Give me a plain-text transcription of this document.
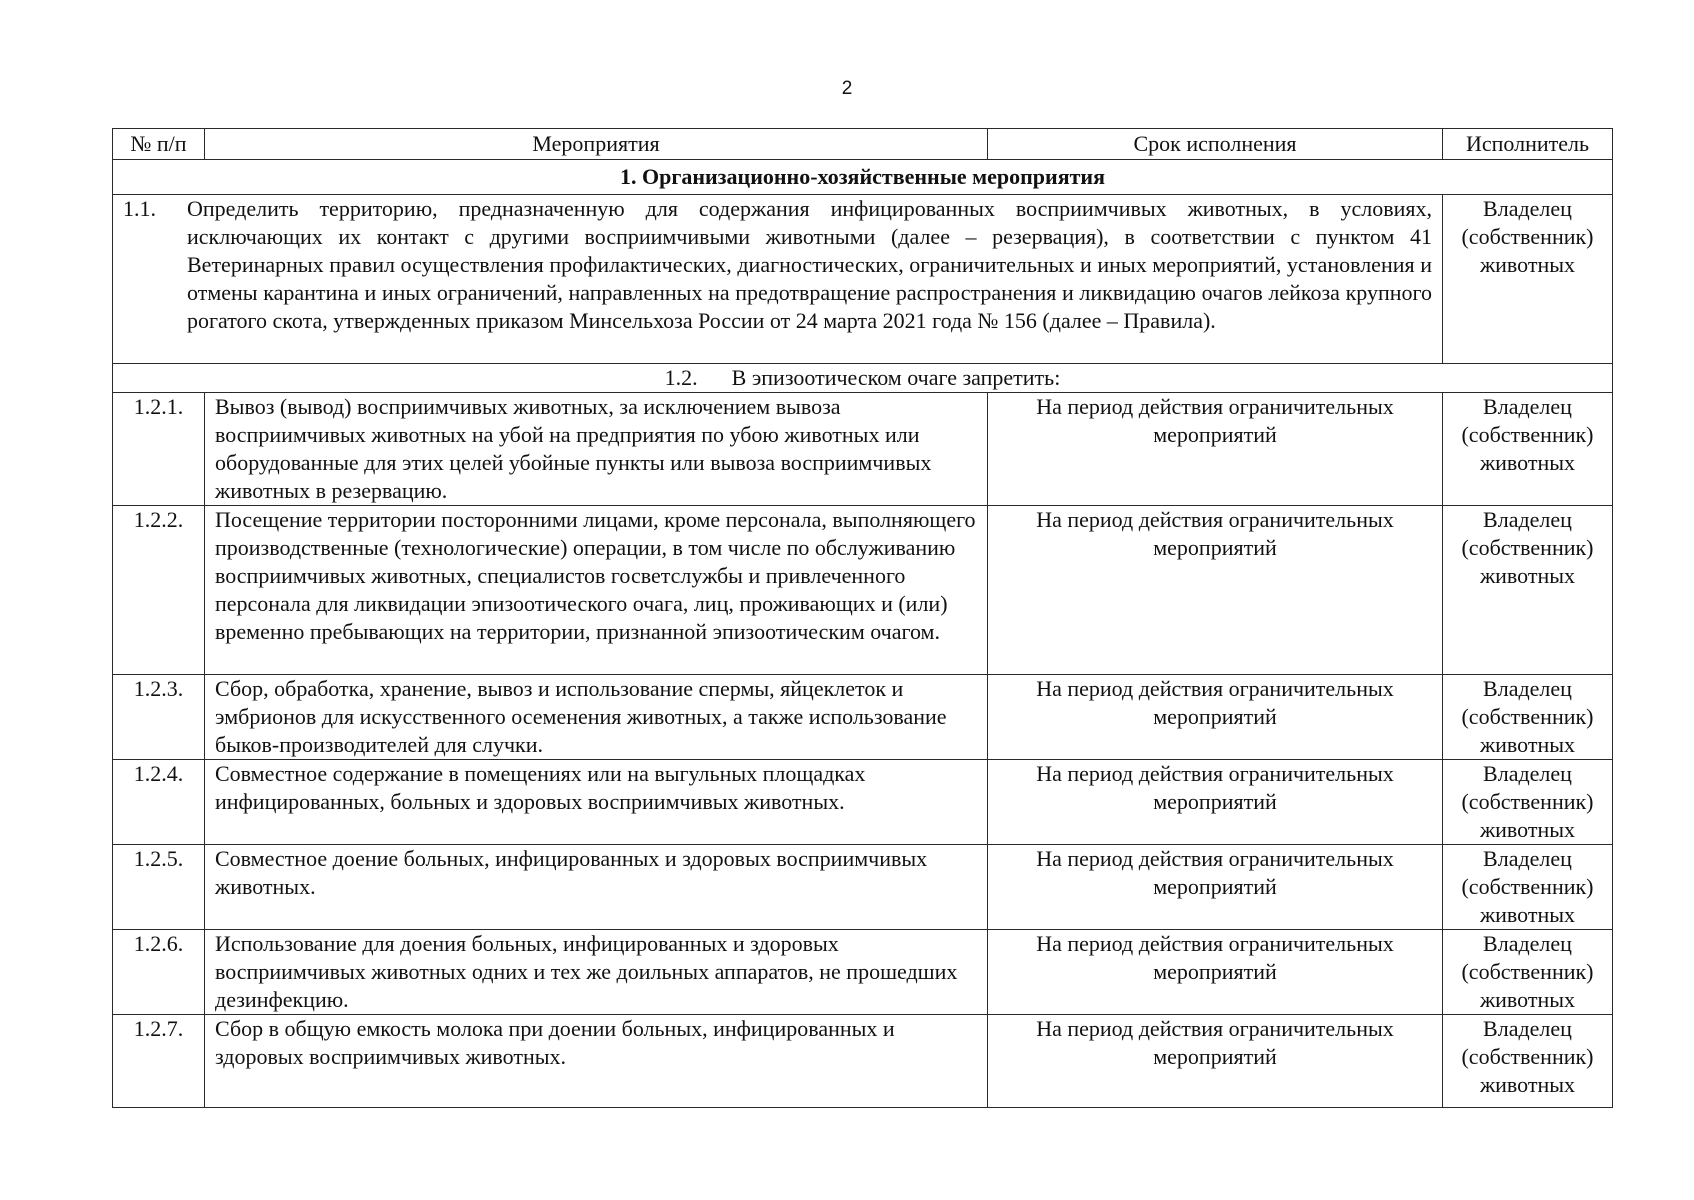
2
№ п/п	Мероприятия	Срок исполнения	Исполнитель
1. Организационно-хозяйственные мероприятия			

1.1. Определить территорию, предназначенную для содержания инфицированных восприимчивых животных, в условиях, исключающих их контакт с другими восприимчивыми животными (далее – резервация), в соответствии с пунктом 41 Ветеринарных правил осуществления профилактических, диагностических, ограничительных и иных мероприятий, установления и отмены карантина и иных ограничений, направленных на предотвращение распространения и ликвидацию очагов лейкоза крупного рогатого скота, утвержденных приказом Минсельхоза России от 24 марта 2021 года № 156 (далее – Правила).			Владелец (собственник) животных
1.2. В эпизоотическом очаге запретить:			
1.2.1.	Вывоз (вывод) восприимчивых животных, за исключением вывоза восприимчивых животных на убой на предприятия по убою животных или оборудованные для этих целей убойные пункты или вывоза восприимчивых животных в резервацию.	На период действия ограничительных мероприятий	Владелец (собственник) животных
1.2.2.	Посещение территории посторонними лицами, кроме персонала, выполняющего производственные (технологические) операции, в том числе по обслуживанию восприимчивых животных, специалистов госветслужбы и привлеченного персонала для ликвидации эпизоотического очага, лиц, проживающих и (или) временно пребывающих на территории, признанной эпизоотическим очагом.	На период действия ограничительных мероприятий	Владелец (собственник) животных
1.2.3.	Сбор, обработка, хранение, вывоз и использование спермы, яйцеклеток и эмбрионов для искусственного осеменения животных, а также использование быков-производителей для случки.	На период действия ограничительных мероприятий	Владелец (собственник) животных
1.2.4.	Совместное содержание в помещениях или на выгульных площадках инфицированных, больных и здоровых восприимчивых животных.	На период действия ограничительных мероприятий	Владелец (собственник) животных
1.2.5.	Совместное доение больных, инфицированных и здоровых восприимчивых животных.	На период действия ограничительных мероприятий	Владелец (собственник) животных
1.2.6.	Использование для доения больных, инфицированных и здоровых восприимчивых животных одних и тех же доильных аппаратов, не прошедших дезинфекцию.	На период действия ограничительных мероприятий	Владелец (собственник) животных
1.2.7.	Сбор в общую емкость молока при доении больных, инфицированных и здоровых восприимчивых животных.	На период действия ограничительных мероприятий	Владелец (собственник) животных
